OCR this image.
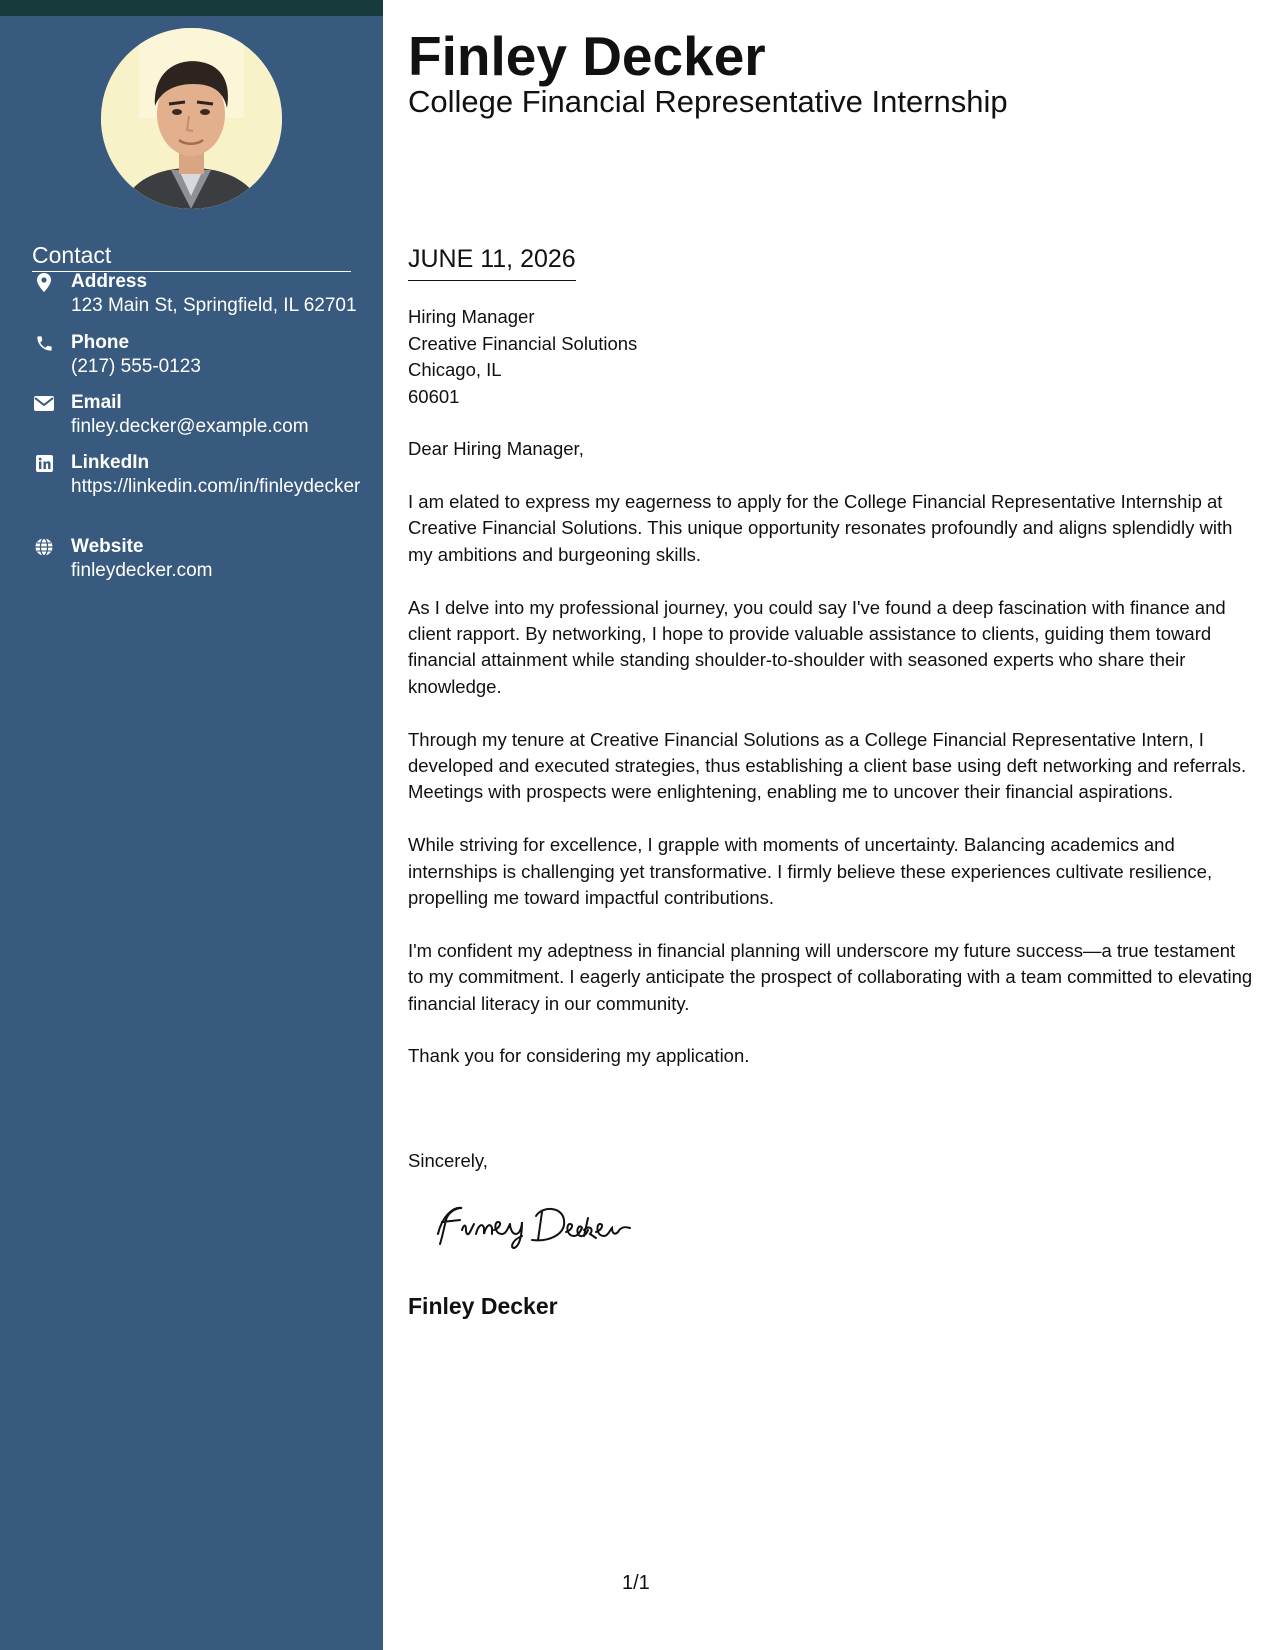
Contact
Address
123 Main St, Springfield, IL 62701
Phone
(217) 555-0123
Email
finley.decker@example.com
LinkedIn
https://linkedin.com/in/finleydecker
Website
finleydecker.com
Finley Decker
College Financial Representative Internship
JUNE 11, 2026
Hiring Manager
Creative Financial Solutions
Chicago, IL
60601
Dear Hiring Manager,

I am elated to express my eagerness to apply for the College Financial Representative Internship at Creative Financial Solutions. This unique opportunity resonates profoundly and aligns splendidly with my ambitions and burgeoning skills.

As I delve into my professional journey, you could say I've found a deep fascination with finance and client rapport. By networking, I hope to provide valuable assistance to clients, guiding them toward financial attainment while standing shoulder-to-shoulder with seasoned experts who share their knowledge.

Through my tenure at Creative Financial Solutions as a College Financial Representative Intern, I developed and executed strategies, thus establishing a client base using deft networking and referrals. Meetings with prospects were enlightening, enabling me to uncover their financial aspirations.

While striving for excellence, I grapple with moments of uncertainty. Balancing academics and internships is challenging yet transformative. I firmly believe these experiences cultivate resilience, propelling me toward impactful contributions.

I'm confident my adeptness in financial planning will underscore my future success—a true testament to my commitment. I eagerly anticipate the prospect of collaborating with a team committed to elevating financial literacy in our community.

Thank you for considering my application.

Sincerely,
Finley Decker
1/1
